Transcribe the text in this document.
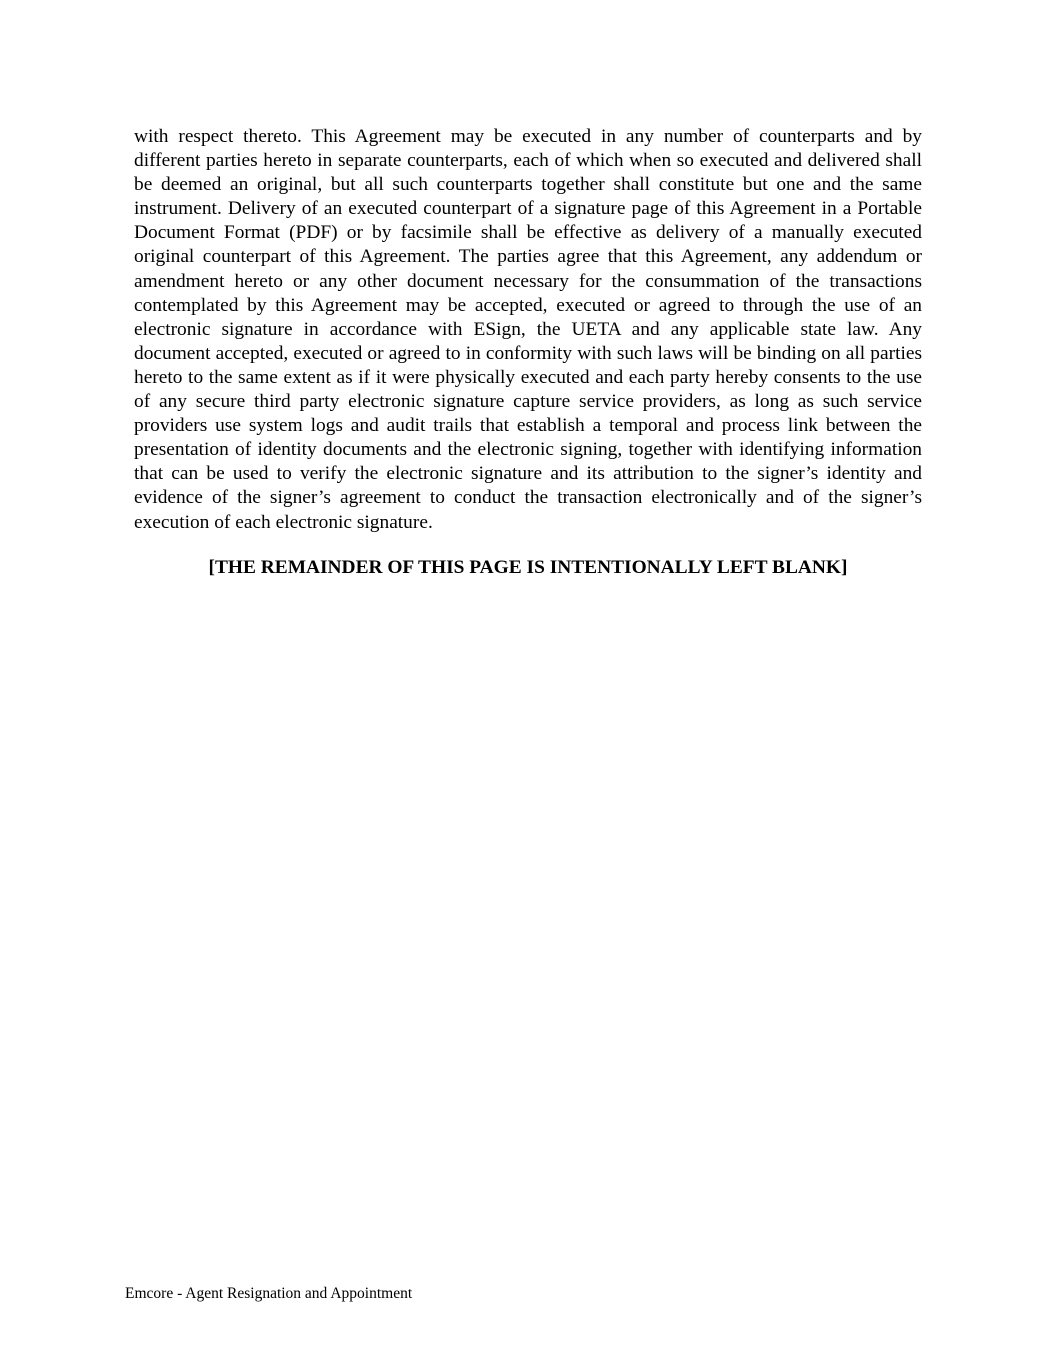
with respect thereto. This Agreement may be executed in any number of counterparts and by different parties hereto in separate counterparts, each of which when so executed and delivered shall be deemed an original, but all such counterparts together shall constitute but one and the same instrument. Delivery of an executed counterpart of a signature page of this Agreement in a Portable Document Format (PDF) or by facsimile shall be effective as delivery of a manually executed original counterpart of this Agreement. The parties agree that this Agreement, any addendum or amendment hereto or any other document necessary for the consummation of the transactions contemplated by this Agreement may be accepted, executed or agreed to through the use of an electronic signature in accordance with ESign, the UETA and any applicable state law. Any document accepted, executed or agreed to in conformity with such laws will be binding on all parties hereto to the same extent as if it were physically executed and each party hereby consents to the use of any secure third party electronic signature capture service providers, as long as such service providers use system logs and audit trails that establish a temporal and process link between the presentation of identity documents and the electronic signing, together with identifying information that can be used to verify the electronic signature and its attribution to the signer’s identity and evidence of the signer’s agreement to conduct the transaction electronically and of the signer’s execution of each electronic signature.

[THE REMAINDER OF THIS PAGE IS INTENTIONALLY LEFT BLANK]

Emcore - Agent Resignation and Appointment
